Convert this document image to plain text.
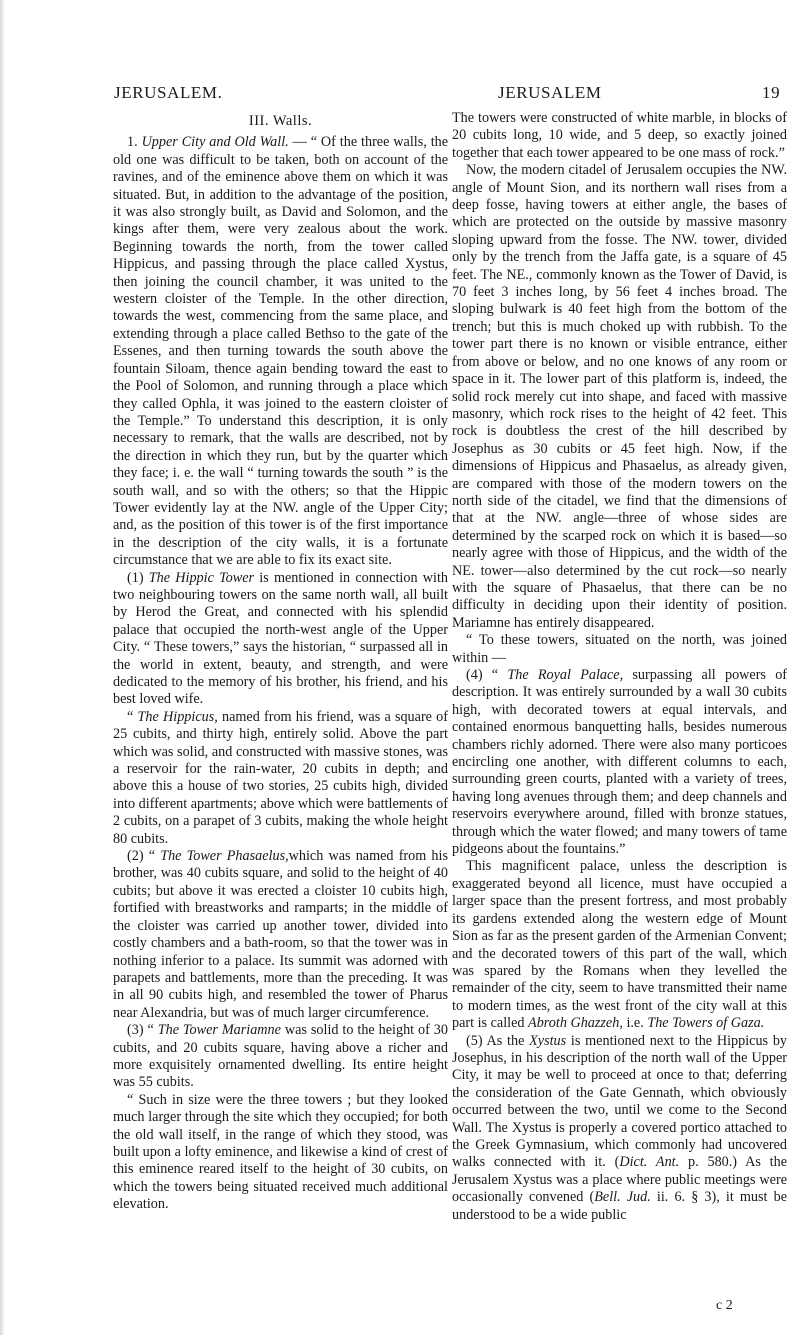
JERUSALEM.	JERUSALEM	19
III. Walls.

1. Upper City and Old Wall. — “ Of the three walls, the old one was difficult to be taken, both on account of the ravines, and of the eminence above them on which it was situated. But, in addition to the advantage of the position, it was also strongly built, as David and Solomon, and the kings after them, were very zealous about the work. Beginning towards the north, from the tower called Hippicus, and passing through the place called Xystus, then joining the council chamber, it was united to the western cloister of the Temple. In the other direction, towards the west, commencing from the same place, and extending through a place called Bethso to the gate of the Essenes, and then turning towards the south above the fountain Siloam, thence again bending toward the east to the Pool of Solomon, and running through a place which they called Ophla, it was joined to the eastern cloister of the Temple.” To understand this description, it is only necessary to remark, that the walls are described, not by the direction in which they run, but by the quarter which they face; i. e. the wall “ turning towards the south ” is the south wall, and so with the others; so that the Hippic Tower evidently lay at the NW. angle of the Upper City; and, as the position of this tower is of the first importance in the description of the city walls, it is a fortunate circumstance that we are able to fix its exact site.

(1) The Hippic Tower is mentioned in connection with two neighbouring towers on the same north wall, all built by Herod the Great, and connected with his splendid palace that occupied the north-west angle of the Upper City. “ These towers,” says the historian, “ surpassed all in the world in extent, beauty, and strength, and were dedicated to the memory of his brother, his friend, and his best loved wife.

“ The Hippicus, named from his friend, was a square of 25 cubits, and thirty high, entirely solid. Above the part which was solid, and constructed with massive stones, was a reservoir for the rain-water, 20 cubits in depth; and above this a house of two stories, 25 cubits high, divided into different apartments; above which were battlements of 2 cubits, on a parapet of 3 cubits, making the whole height 80 cubits.

(2) “ The Tower Phasaelus,which was named from his brother, was 40 cubits square, and solid to the height of 40 cubits; but above it was erected a cloister 10 cubits high, fortified with breastworks and ramparts; in the middle of the cloister was carried up another tower, divided into costly chambers and a bath-room, so that the tower was in nothing inferior to a palace. Its summit was adorned with parapets and battlements, more than the preceding. It was in all 90 cubits high, and resembled the tower of Pharus near Alexandria, but was of much larger circumference.

(3) “ The Tower Mariamne was solid to the height of 30 cubits, and 20 cubits square, having above a richer and more exquisitely ornamented dwelling. Its entire height was 55 cubits.

“ Such in size were the three towers ; but they looked much larger through the site which they occupied; for both the old wall itself, in the range of which they stood, was built upon a lofty eminence, and likewise a kind of crest of this eminence reared itself to the height of 30 cubits, on which the towers being situated received much additional elevation.

The towers were constructed of white marble, in blocks of 20 cubits long, 10 wide, and 5 deep, so exactly joined together that each tower appeared to be one mass of rock.”

Now, the modern citadel of Jerusalem occupies the NW. angle of Mount Sion, and its northern wall rises from a deep fosse, having towers at either angle, the bases of which are protected on the outside by massive masonry sloping upward from the fosse. The NW. tower, divided only by the trench from the Jaffa gate, is a square of 45 feet. The NE., commonly known as the Tower of David, is 70 feet 3 inches long, by 56 feet 4 inches broad. The sloping bulwark is 40 feet high from the bottom of the trench; but this is much choked up with rubbish. To the tower part there is no known or visible entrance, either from above or below, and no one knows of any room or space in it. The lower part of this platform is, indeed, the solid rock merely cut into shape, and faced with massive masonry, which rock rises to the height of 42 feet. This rock is doubtless the crest of the hill described by Josephus as 30 cubits or 45 feet high. Now, if the dimensions of Hippicus and Phasaelus, as already given, are compared with those of the modern towers on the north side of the citadel, we find that the dimensions of that at the NW. angle—three of whose sides are determined by the scarped rock on which it is based—so nearly agree with those of Hippicus, and the width of the NE. tower—also determined by the cut rock—so nearly with the square of Phasaelus, that there can be no difficulty in deciding upon their identity of position. Mariamne has entirely disappeared.

“ To these towers, situated on the north, was joined within —

(4) “ The Royal Palace, surpassing all powers of description. It was entirely surrounded by a wall 30 cubits high, with decorated towers at equal intervals, and contained enormous banquetting halls, besides numerous chambers richly adorned. There were also many porticoes encircling one another, with different columns to each, surrounding green courts, planted with a variety of trees, having long avenues through them; and deep channels and reservoirs everywhere around, filled with bronze statues, through which the water flowed; and many towers of tame pidgeons about the fountains.”

This magnificent palace, unless the description is exaggerated beyond all licence, must have occupied a larger space than the present fortress, and most probably its gardens extended along the western edge of Mount Sion as far as the present garden of the Armenian Convent; and the decorated towers of this part of the wall, which was spared by the Romans when they levelled the remainder of the city, seem to have transmitted their name to modern times, as the west front of the city wall at this part is called Abroth Ghazzeh, i.e. The Towers of Gaza.

(5) As the Xystus is mentioned next to the Hippicus by Josephus, in his description of the north wall of the Upper City, it may be well to proceed at once to that; deferring the consideration of the Gate Gennath, which obviously occurred between the two, until we come to the Second Wall. The Xystus is properly a covered portico attached to the Greek Gymnasium, which commonly had uncovered walks connected with it. (Dict. Ant. p. 580.) As the Jerusalem Xystus was a place where public meetings were occasionally convened (Bell. Jud. ii. 6. § 3), it must be understood to be a wide public

c 2
